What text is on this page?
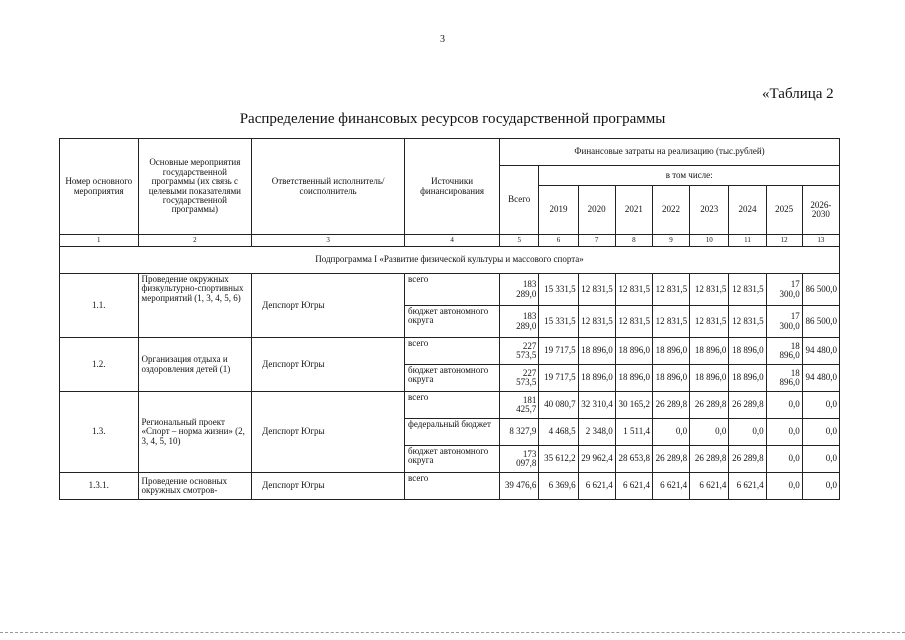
3
«Таблица 2
Распределение финансовых ресурсов государственной программы
Номер основного мероприятия	Основные мероприятия государственной программы (их связь с целевыми показателями государственной программы)	Ответственный исполнитель/соисполнитель	Источники финансирования	Финансовые затраты на реализацию (тыс.рублей)								
				Всего	в том числе:							
					2019	2020	2021	2022	2023	2024	2025	2026-2030
1	2	3	4	5	6	7	8	9	10	11	12	13
Подпрограмма I «Развитие физической культуры и массового спорта»												
1.1.	Проведение окружных физкультурно-спортивных мероприятий (1, 3, 4, 5, 6)	Депспорт Югры	всего	183 289,0	15 331,5	12 831,5	12 831,5	12 831,5	12 831,5	12 831,5	17 300,0	86 500,0
			бюджет автономного округа	183 289,0	15 331,5	12 831,5	12 831,5	12 831,5	12 831,5	12 831,5	17 300,0	86 500,0
1.2.	Организация отдыха и оздоровления детей (1)	Депспорт Югры	всего	227 573,5	19 717,5	18 896,0	18 896,0	18 896,0	18 896,0	18 896,0	18 896,0	94 480,0
			бюджет автономного округа	227 573,5	19 717,5	18 896,0	18 896,0	18 896,0	18 896,0	18 896,0	18 896,0	94 480,0
1.3.	Региональный проект «Спорт – норма жизни» (2, 3, 4, 5, 10)	Депспорт Югры	всего	181 425,7	40 080,7	32 310,4	30 165,2	26 289,8	26 289,8	26 289,8	0,0	0,0
			федеральный бюджет	8 327,9	4 468,5	2 348,0	1 511,4	0,0	0,0	0,0	0,0	0,0
			бюджет автономного округа	173 097,8	35 612,2	29 962,4	28 653,8	26 289,8	26 289,8	26 289,8	0,0	0,0
1.3.1.	Проведение основных окружных смотров-	Депспорт Югры	всего	39 476,6	6 369,6	6 621,4	6 621,4	6 621,4	6 621,4	6 621,4	0,0	0,0
